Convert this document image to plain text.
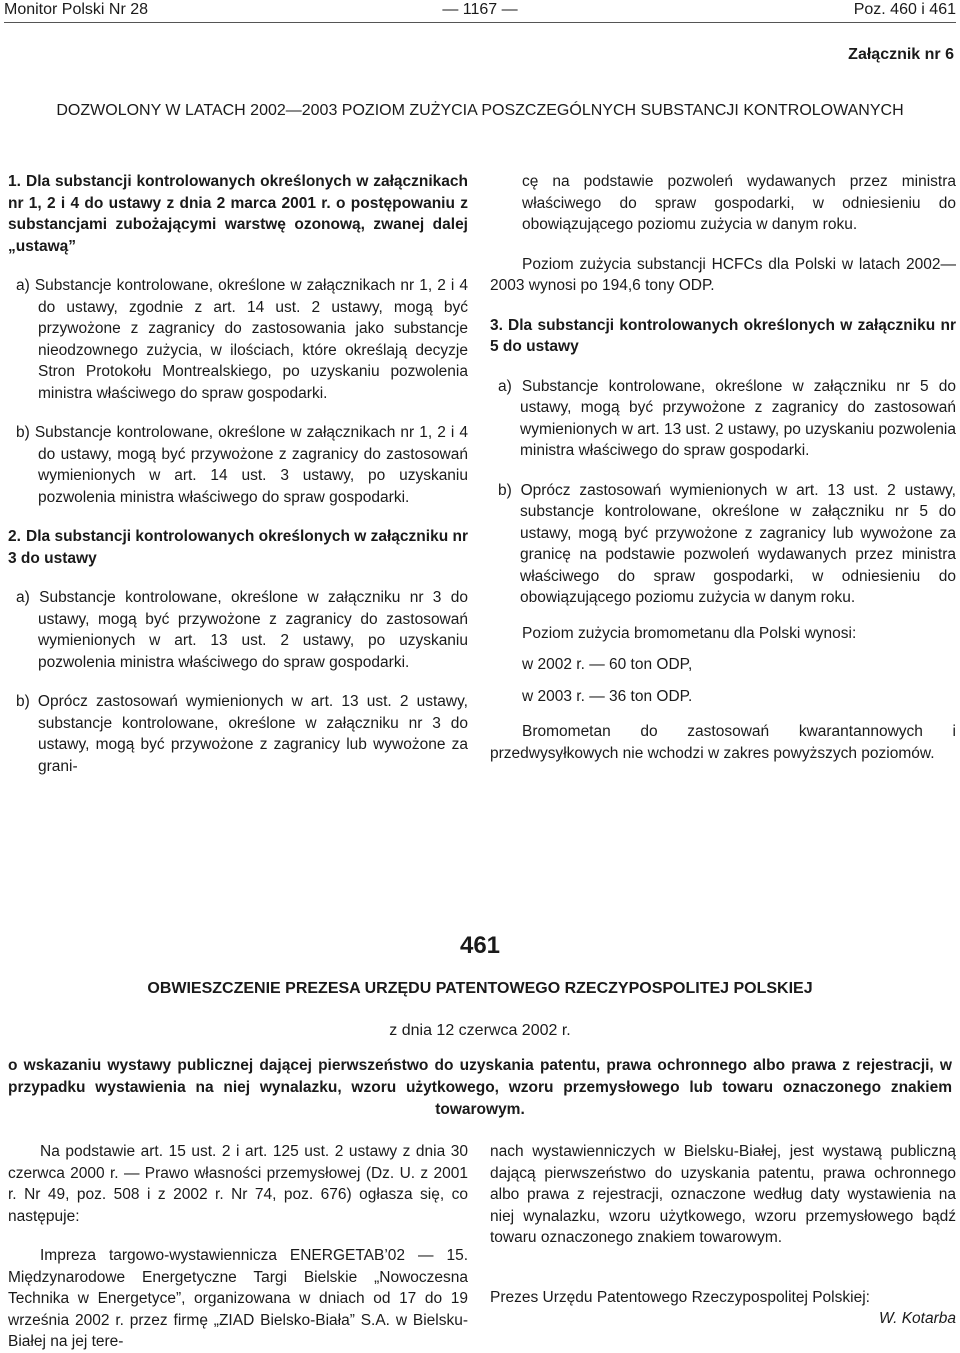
Monitor Polski Nr 28	— 1167 —	Poz. 460 i 461
Załącznik nr 6
DOZWOLONY W LATACH 2002—2003 POZIOM ZUŻYCIA POSZCZEGÓLNYCH SUBSTANCJI KONTROLOWANYCH

1. Dla substancji kontrolowanych określonych w załącznikach nr 1, 2 i 4 do ustawy z dnia 2 marca 2001 r. o postępowaniu z substancjami zubożającymi warstwę ozonową, zwanej dalej „ustawą”

a) Substancje kontrolowane, określone w załącznikach nr 1, 2 i 4 do ustawy, zgodnie z art. 14 ust. 2 ustawy, mogą być przywożone z zagranicy do zastosowania jako substancje nieodzownego zużycia, w ilościach, które określają decyzje Stron Protokołu Montrealskiego, po uzyskaniu pozwolenia ministra właściwego do spraw gospodarki.

b) Substancje kontrolowane, określone w załącznikach nr 1, 2 i 4 do ustawy, mogą być przywożone z zagranicy do zastosowań wymienionych w art. 14 ust. 3 ustawy, po uzyskaniu pozwolenia ministra właściwego do spraw gospodarki.

2. Dla substancji kontrolowanych określonych w załączniku nr 3 do ustawy

a) Substancje kontrolowane, określone w załączniku nr 3 do ustawy, mogą być przywożone z zagranicy do zastosowań wymienionych w art. 13 ust. 2 ustawy, po uzyskaniu pozwolenia ministra właściwego do spraw gospodarki.

b) Oprócz zastosowań wymienionych w art. 13 ust. 2 ustawy, substancje kontrolowane, określone w załączniku nr 3 do ustawy, mogą być przywożone z zagranicy lub wywożone za grani-

cę na podstawie pozwoleń wydawanych przez ministra właściwego do spraw gospodarki, w odniesieniu do obowiązującego poziomu zużycia w danym roku.

Poziom zużycia substancji HCFCs dla Polski w latach 2002—2003 wynosi po 194,6 tony ODP.

3. Dla substancji kontrolowanych określonych w załączniku nr 5 do ustawy

a) Substancje kontrolowane, określone w załączniku nr 5 do ustawy, mogą być przywożone z zagranicy do zastosowań wymienionych w art. 13 ust. 2 ustawy, po uzyskaniu pozwolenia ministra właściwego do spraw gospodarki.

b) Oprócz zastosowań wymienionych w art. 13 ust. 2 ustawy, substancje kontrolowane, określone w załączniku nr 5 do ustawy, mogą być przywożone z zagranicy lub wywożone za granicę na podstawie pozwoleń wydawanych przez ministra właściwego do spraw gospodarki, w odniesieniu do obowiązującego poziomu zużycia w danym roku.

Poziom zużycia bromometanu dla Polski wynosi:

w 2002 r. — 60 ton ODP,

w 2003 r. — 36 ton ODP.

Bromometan do zastosowań kwarantannowych i przedwysyłkowych nie wchodzi w zakres powyższych poziomów.

461
OBWIESZCZENIE PREZESA URZĘDU PATENTOWEGO RZECZYPOSPOLITEJ POLSKIEJ
z dnia 12 czerwca 2002 r.
o wskazaniu wystawy publicznej dającej pierwszeństwo do uzyskania patentu, prawa ochronnego albo prawa z rejestracji, w przypadku wystawienia na niej wynalazku, wzoru użytkowego, wzoru przemysłowego lub towaru oznaczonego znakiem towarowym.

Na podstawie art. 15 ust. 2 i art. 125 ust. 2 ustawy z dnia 30 czerwca 2000 r. — Prawo własności przemysłowej (Dz. U. z 2001 r. Nr 49, poz. 508 i z 2002 r. Nr 74, poz. 676) ogłasza się, co następuje:

Impreza targowo-wystawiennicza ENERGETAB’02 — 15. Międzynarodowe Energetyczne Targi Bielskie „Nowoczesna Technika w Energetyce”, organizowana w dniach od 17 do 19 września 2002 r. przez firmę „ZIAD Bielsko-Biała” S.A. w Bielsku-Białej na jej tere-

nach wystawienniczych w Bielsku-Białej, jest wystawą publiczną dającą pierwszeństwo do uzyskania patentu, prawa ochronnego albo prawa z rejestracji, oznaczone według daty wystawienia na niej wynalazku, wzoru użytkowego, wzoru przemysłowego bądź towaru oznaczonego znakiem towarowym.

Prezes Urzędu Patentowego Rzeczypospolitej Polskiej:

W. Kotarba
